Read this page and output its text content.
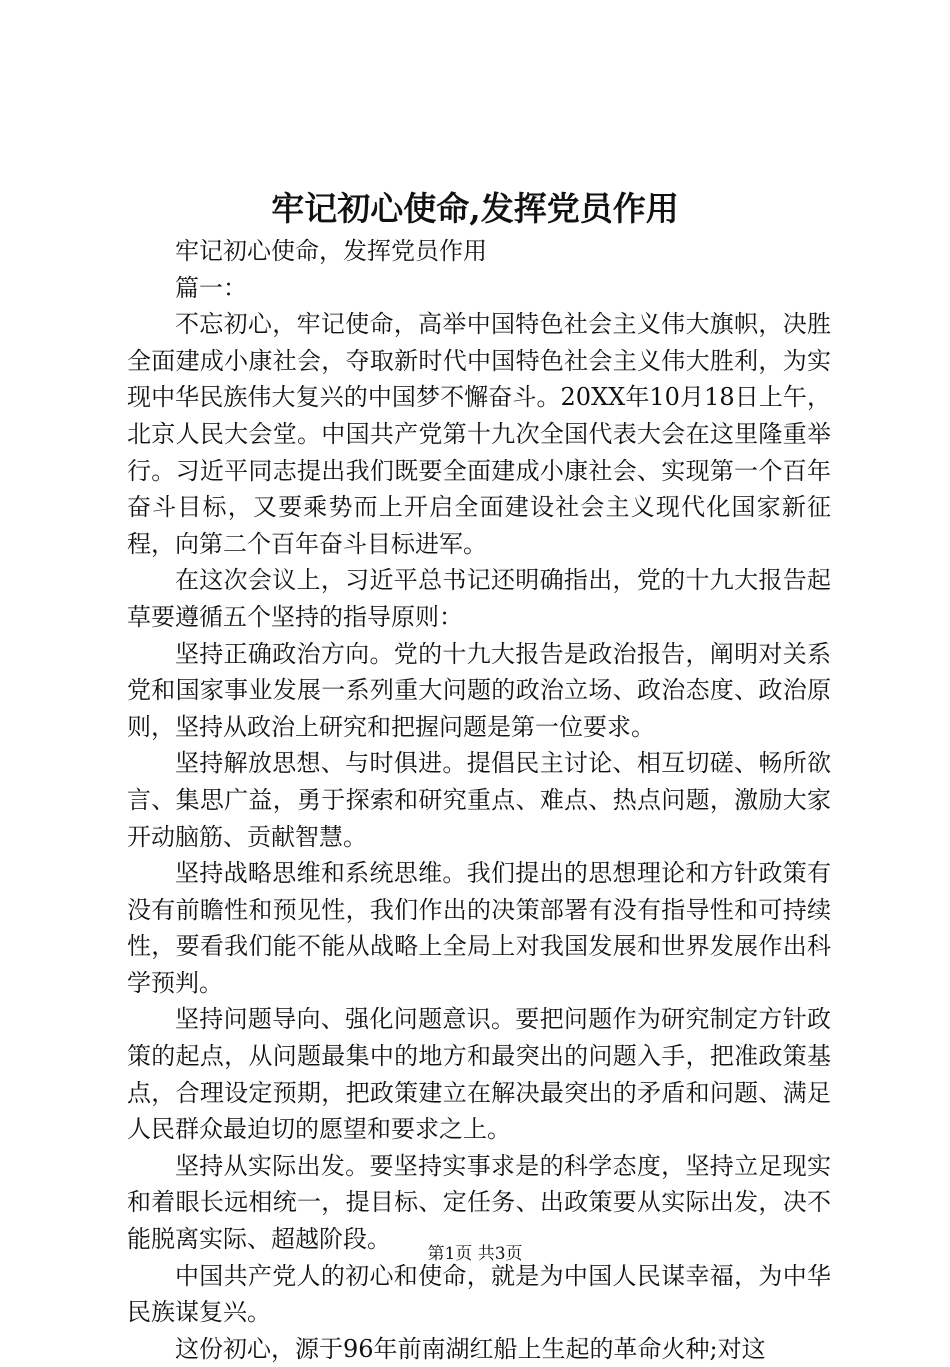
牢记初心使命,发挥党员作用

牢记初心使命，发挥党员作用

篇一：

不忘初心，牢记使命，高举中国特色社会主义伟大旗帜，决胜全面建成小康社会，夺取新时代中国特色社会主义伟大胜利，为实现中华民族伟大复兴的中国梦不懈奋斗。20XX年10月18日上午，北京人民大会堂。中国共产党第十九次全国代表大会在这里隆重举行。习近平同志提出我们既要全面建成小康社会、实现第一个百年奋斗目标，又要乘势而上开启全面建设社会主义现代化国家新征程，向第二个百年奋斗目标进军。

在这次会议上，习近平总书记还明确指出，党的十九大报告起草要遵循五个坚持的指导原则：

坚持正确政治方向。党的十九大报告是政治报告，阐明对关系党和国家事业发展一系列重大问题的政治立场、政治态度、政治原则，坚持从政治上研究和把握问题是第一位要求。

坚持解放思想、与时俱进。提倡民主讨论、相互切磋、畅所欲言、集思广益，勇于探索和研究重点、难点、热点问题，激励大家开动脑筋、贡献智慧。

坚持战略思维和系统思维。我们提出的思想理论和方针政策有没有前瞻性和预见性，我们作出的决策部署有没有指导性和可持续性，要看我们能不能从战略上全局上对我国发展和世界发展作出科学预判。

坚持问题导向、强化问题意识。要把问题作为研究制定方针政策的起点，从问题最集中的地方和最突出的问题入手，把准政策基点，合理设定预期，把政策建立在解决最突出的矛盾和问题、满足人民群众最迫切的愿望和要求之上。

坚持从实际出发。要坚持实事求是的科学态度，坚持立足现实和着眼长远相统一，提目标、定任务、出政策要从实际出发，决不能脱离实际、超越阶段。

中国共产党人的初心和使命，就是为中国人民谋幸福，为中华民族谋复兴。

这份初心，源于96年前南湖红船上生起的革命火种;对这

第1页 共3页
